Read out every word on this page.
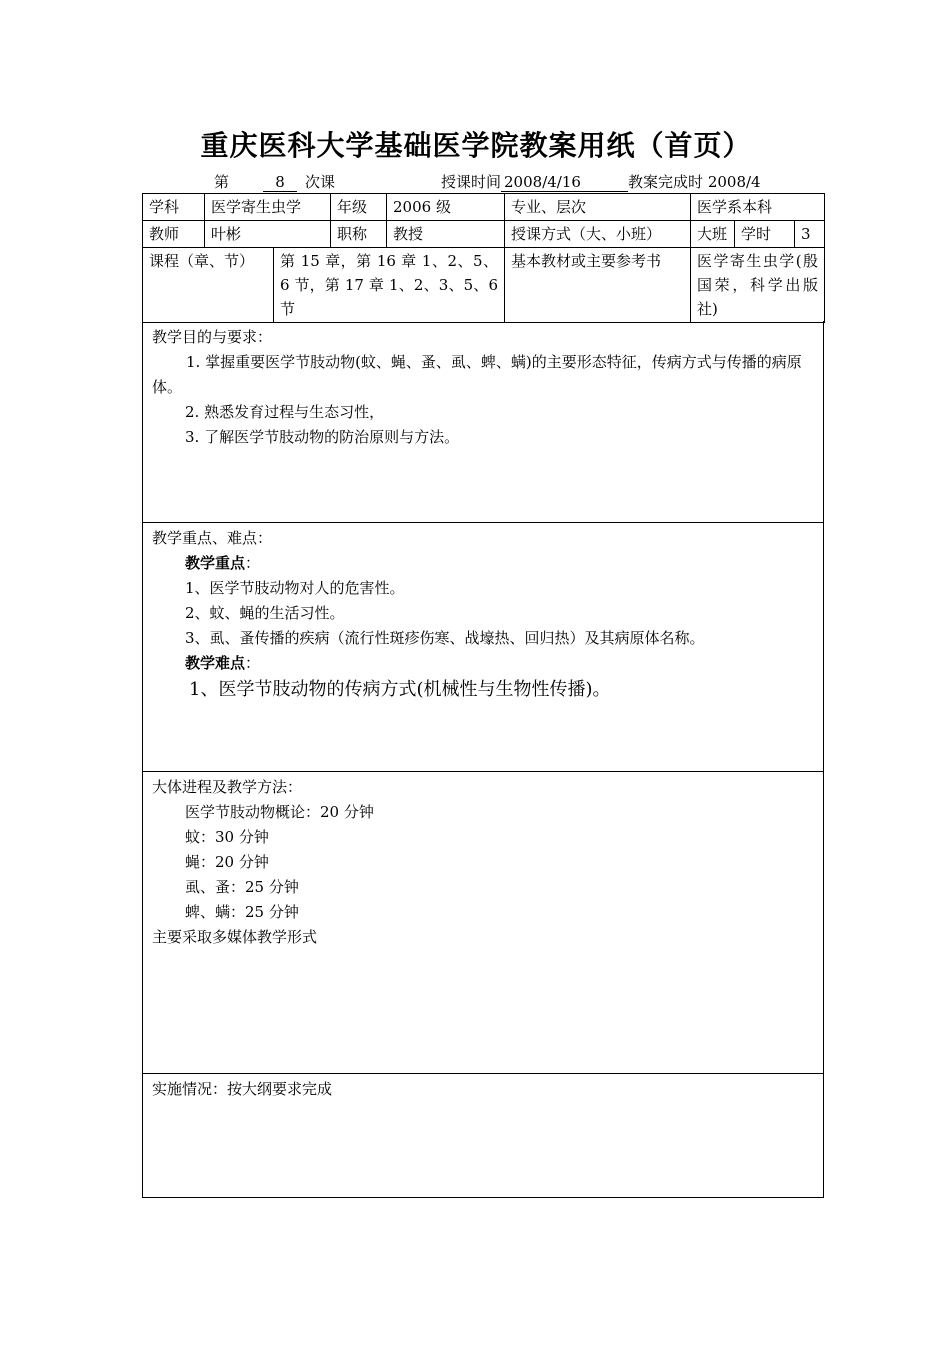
重庆医科大学基础医学院教案用纸（首页）
第	8 次课	授课时间 2008/4/16	教案完成时 2008/4
学科	医学寄生虫学		年级	2006 级	专业、层次	医学系本科		
教师	叶彬		职称	教授	授课方式（大、小班）	大班	学时	3
课程（章、节）		第 15 章，第 16 章 1、2、5、6 节，第 17 章 1、2、3、5、6 节			基本教材或主要参考书	医学寄生虫学(殷国荣，科学出版社)		
教学目的与要求：
1. 掌握重要医学节肢动物(蚊、蝇、蚤、虱、蜱、螨)的主要形态特征，传病方式与传播的病原体。
2. 熟悉发育过程与生态习性，
3. 了解医学节肢动物的防治原则与方法。
教学重点、难点：
教学重点：
1、医学节肢动物对人的危害性。
2、蚊、蝇的生活习性。
3、虱、蚤传播的疾病（流行性斑疹伤寒、战壕热、回归热）及其病原体名称。
教学难点：
1、医学节肢动物的传病方式(机械性与生物性传播)。
大体进程及教学方法：
医学节肢动物概论：20 分钟
蚊：30 分钟
蝇：20 分钟
虱、蚤：25 分钟
蜱、螨：25 分钟
主要采取多媒体教学形式
实施情况：按大纲要求完成
